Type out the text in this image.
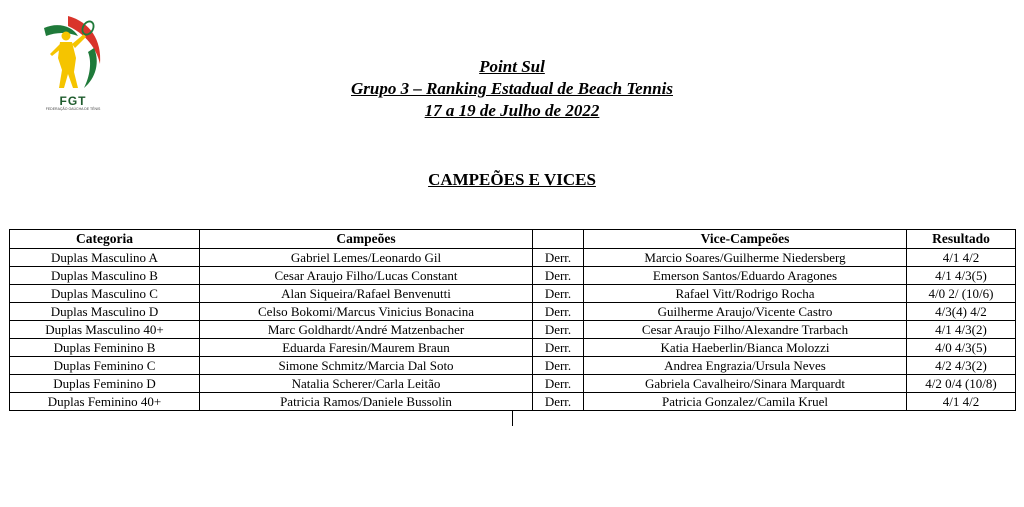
FGT
FEDERAÇÃO GAÚCHA DE TÊNIS
Point Sul
Grupo 3 – Ranking Estadual de Beach Tennis
17 a 19 de Julho de 2022
CAMPEÕES E VICES
Categoria	Campeões		Vice-Campeões	Resultado
Duplas Masculino A	Gabriel Lemes/Leonardo Gil	Derr.	Marcio Soares/Guilherme Niedersberg	4/1 4/2
Duplas Masculino B	Cesar Araujo Filho/Lucas Constant	Derr.	Emerson Santos/Eduardo Aragones	4/1 4/3(5)
Duplas Masculino C	Alan Siqueira/Rafael Benvenutti	Derr.	Rafael Vitt/Rodrigo Rocha	4/0 2/ (10/6)
Duplas Masculino D	Celso Bokomi/Marcus Vinicius Bonacina	Derr.	Guilherme Araujo/Vicente Castro	4/3(4) 4/2
Duplas Masculino 40+	Marc Goldhardt/André Matzenbacher	Derr.	Cesar Araujo Filho/Alexandre Trarbach	4/1 4/3(2)
Duplas Feminino B	Eduarda Faresin/Maurem Braun	Derr.	Katia Haeberlin/Bianca Molozzi	4/0 4/3(5)
Duplas Feminino C	Simone Schmitz/Marcia Dal Soto	Derr.	Andrea Engrazia/Ursula Neves	4/2 4/3(2)
Duplas Feminino D	Natalia Scherer/Carla Leitão	Derr.	Gabriela Cavalheiro/Sinara Marquardt	4/2 0/4 (10/8)
Duplas Feminino 40+	Patricia Ramos/Daniele Bussolin	Derr.	Patricia Gonzalez/Camila Kruel	4/1 4/2
